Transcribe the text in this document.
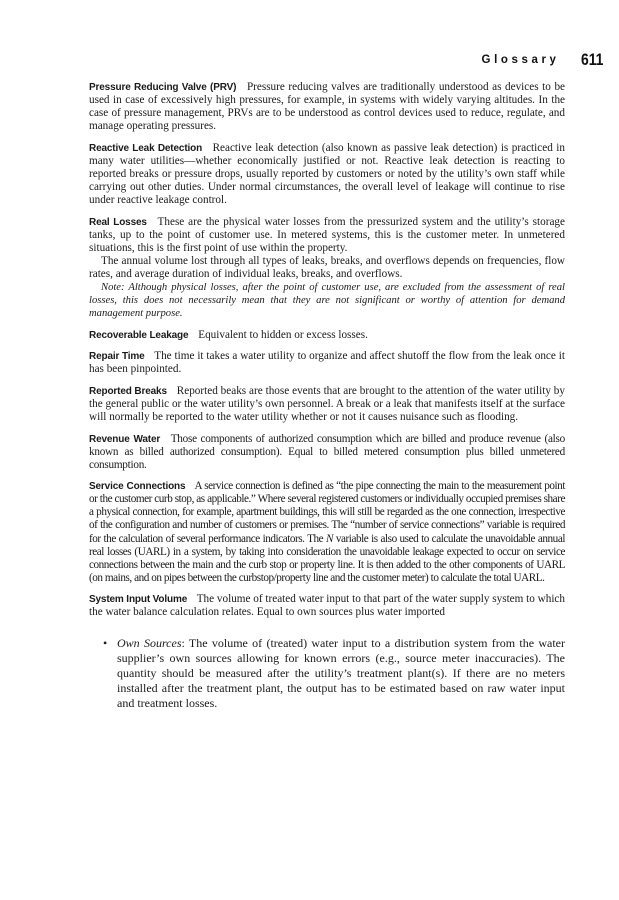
Glossary 611

Pressure Reducing Valve (PRV) Pressure reducing valves are traditionally understood as devices to be used in case of excessively high pressures, for example, in systems with widely varying altitudes. In the case of pressure management, PRVs are to be understood as control devices used to reduce, regulate, and manage operating pressures.

Reactive Leak Detection Reactive leak detection (also known as passive leak detection) is practiced in many water utilities—whether economically justified or not. Reactive leak detection is reacting to reported breaks or pressure drops, usually reported by customers or noted by the utility’s own staff while carrying out other duties. Under normal circumstances, the overall level of leakage will continue to rise under reactive leakage control.

Real Losses These are the physical water losses from the pressurized system and the utility’s storage tanks, up to the point of customer use. In metered systems, this is the customer meter. In unmetered situations, this is the first point of use within the property.

The annual volume lost through all types of leaks, breaks, and overflows depends on frequencies, flow rates, and average duration of individual leaks, breaks, and overflows.

Note: Although physical losses, after the point of customer use, are excluded from the assessment of real losses, this does not necessarily mean that they are not significant or worthy of attention for demand management purpose.

Recoverable Leakage Equivalent to hidden or excess losses.

Repair Time The time it takes a water utility to organize and affect shutoff the flow from the leak once it has been pinpointed.

Reported Breaks Reported beaks are those events that are brought to the attention of the water utility by the general public or the water utility’s own personnel. A break or a leak that manifests itself at the surface will normally be reported to the water utility whether or not it causes nuisance such as flooding.

Revenue Water Those components of authorized consumption which are billed and produce revenue (also known as billed authorized consumption). Equal to billed metered consumption plus billed unmetered consumption.

Service Connections A service connection is defined as “the pipe connecting the main to the measurement point or the customer curb stop, as applicable.” Where several registered customers or individually occupied premises share a physical connection, for example, apartment buildings, this will still be regarded as the one connection, irrespective of the configuration and number of customers or premises. The “number of service connections” variable is required for the calculation of several performance indicators. The N variable is also used to calculate the unavoidable annual real losses (UARL) in a system, by taking into consideration the unavoidable leakage expected to occur on service connections between the main and the curb stop or property line. It is then added to the other components of UARL (on mains, and on pipes between the curbstop/property line and the customer meter) to calculate the total UARL.

System Input Volume The volume of treated water input to that part of the water supply system to which the water balance calculation relates. Equal to own sources plus water imported

• Own Sources: The volume of (treated) water input to a distribution system from the water supplier’s own sources allowing for known errors (e.g., source meter inaccuracies). The quantity should be measured after the utility’s treatment plant(s). If there are no meters installed after the treatment plant, the output has to be estimated based on raw water input and treatment losses.
